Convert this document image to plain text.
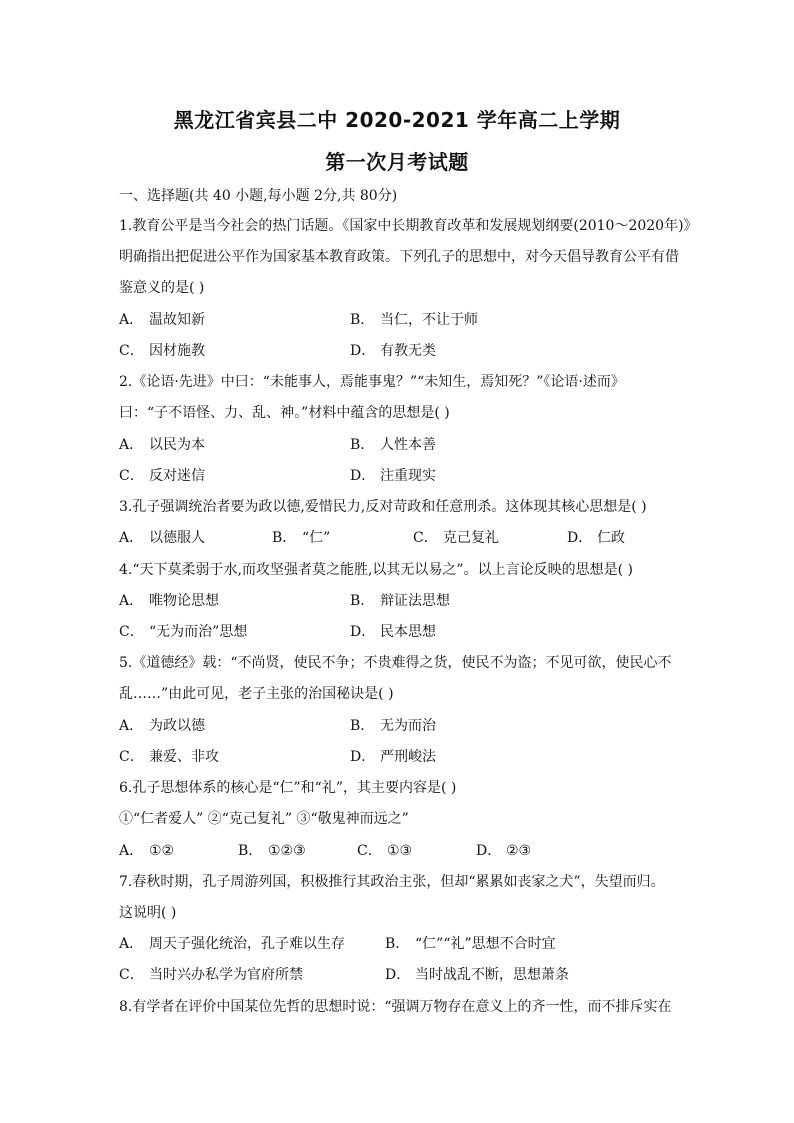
黑龙江省宾县二中 2020-2021 学年高二上学期
第一次月考试题
一、选择题(共 40 小题,每小题 2分,共 80分)
1.教育公平是当今社会的热门话题。《国家中长期教育改革和发展规划纲要(2010～2020年)》
明确指出把促进公平作为国家基本教育政策。下列孔子的思想中，对今天倡导教育公平有借
鉴意义的是( )
A． 温故知新	B． 当仁，不让于师
C． 因材施教	D． 有教无类
2.《论语·先进》中曰：“未能事人，焉能事鬼？”“未知生，焉知死？”《论语·述而》
曰：“子不语怪、力、乱、神。”材料中蕴含的思想是( )
A． 以民为本	B． 人性本善
C． 反对迷信	D． 注重现实
3.孔子强调统治者要为政以德,爱惜民力,反对苛政和任意刑杀。这体现其核心思想是( )
A． 以德服人	B． “仁”	C． 克己复礼	D． 仁政
4.“天下莫柔弱于水,而攻坚强者莫之能胜,以其无以易之”。以上言论反映的思想是( )
A． 唯物论思想	B． 辩证法思想
C． “无为而治”思想	D． 民本思想
5.《道德经》载：“不尚贤，使民不争；不贵难得之货，使民不为盗；不见可欲，使民心不
乱……”由此可见，老子主张的治国秘诀是( )
A． 为政以德	B． 无为而治
C． 兼爱、非攻	D． 严刑峻法
6.孔子思想体系的核心是“仁”和“礼”，其主要内容是( )
①“仁者爱人” ②“克己复礼” ③“敬鬼神而远之”
A． ①②	B． ①②③	C． ①③	D． ②③
7.春秋时期，孔子周游列国，积极推行其政治主张，但却“累累如丧家之犬”，失望而归。
这说明( )
A． 周天子强化统治，孔子难以生存	B． “仁”“礼”思想不合时宜
C． 当时兴办私学为官府所禁	D． 当时战乱不断，思想萧条
8.有学者在评价中国某位先哲的思想时说：“强调万物存在意义上的齐一性，而不排斥实在
